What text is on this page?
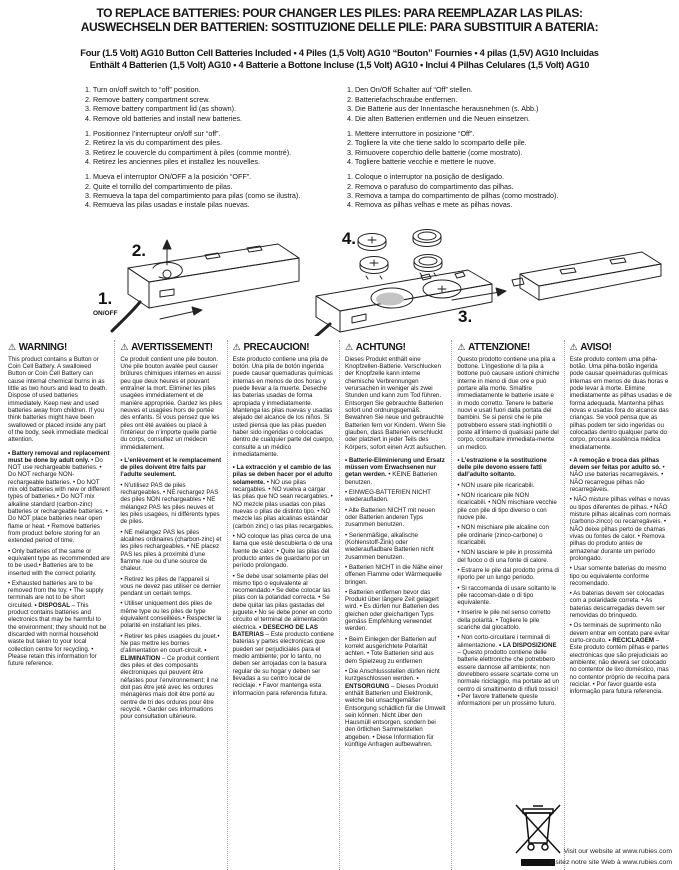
TO REPLACE BATTERIES: POUR CHANGER LES PILES: PARA REEMPLAZAR LAS PILAS:
AUSWECHSELN DER BATTERIEN: SOSTITUZIONE DELLE PILE: PARA SUBSTITUIR A BATERIA:
Four (1.5 Volt) AG10 Button Cell Batteries Included • 4 Piles (1,5 Volt) AG10 “Bouton” Fournies • 4 pilas (1,5V) AG10 Incluidas
Enthält 4 Batterien (1,5 Volt) AG10 • 4 Batterie a Bottone Incluse (1,5 Volt) AG10 • Inclui 4 Pilhas Celulares (1,5 Volt) AG10
1. Turn on/off switch to “off” position.
2. Remove battery compartment screw.
3. Remove battery compartment lid (as shown).
4. Remove old batteries and install new batteries.
1. Positionnez l’interrupteur on/off sur “off”.
2. Retirez la vis du compartiment des piles.
3. Retirez le couvercle du compartiment à piles (comme montré).
4. Retirez les anciennes piles et installez les nouvelles.
1. Mueva el interruptor ON/OFF a la posición “OFF”.
2. Quite el tornillo del compartimiento de pilas.
3. Remueva la tapa del compartimiento para pilas (como se ilustra).
4. Remueva las pilas usadas e instale pilas nuevas.
1. Den On/Off Schalter auf “Off” stellen.
2. Batteriefachschraube entfernen.
3. Die Batterie aus der Innentasche herausnehmen (s. Abb.)
4. Die alten Batterien entfernen und die Neuen einsetzen.
1. Mettere interruttore in posizione “Off”.
2. Togliere la vite che tiene saldo lo scomparto delle pile.
3. Rimuovere coperchio delle batterie (come mostrato).
4. Togliere batterie vecchie e mettere le nuove.
1. Coloque o interruptor na posição de desligado.
2. Remova o parafuso do compartimento das pilhas.
3. Remova a tampa do compartimento de pilhas (como mostrado).
4. Remova as pilhas velhas e mete as pilhas novas.
2.
1.
ON/OFF
4.
3.
⚠ WARNING!

This product contains a Button or Coin Cell Battery. A swallowed Button or Coin Cell Battery can cause internal chemical burns in as little as two hours and lead to death. Dispose of used batteries immediately. Keep new and used batteries away from children. If you think batteries might have been swallowed or placed inside any part of the body, seek immediate medical attention.

• Battery removal and replacement must be done by adult only. • Do NOT use rechargeable batteries. • Do NOT recharge NON-rechargeable batteries. • Do NOT mix old batteries with new or different types of batteries.• Do NOT mix alkaline standard (carbon-zinc) batteries or rechargeable batteries. • Do NOT place batteries near open flame or heat. • Remove batteries from product before storing for an extended period of time.

• Only batteries of the same or equivalent type as recommended are to be used.• Batteries are to be inserted with the correct polarity.

• Exhausted batteries are to be removed from the toy. • The supply terminals are not to be short circuited. • DISPOSAL – This product contains batteries and electronics that may be harmful to the environment; they should not be discarded with normal household waste but taken to your local collection centre for recycling. • Please retain this information for future reference.

⚠ AVERTISSEMENT!

Ce produit contient une pile bouton. Une pile bouton avalée peut causer brûlures chimiques internes en aussi peu que deux heures et pouvant entraîner la mort. Eliminer les piles usagées immédiatement et de manière appropriée. Gardez les piles neuves et usagées hors de portée des enfants. Si vous pensez que les piles ont été avalées ou placé à l’intérieur de n’importe quelle partie du corps, consultez un médecin immédiatement.

• L’enlèvement et le remplacement de piles doivent être faits par l’adulte seulement.

• N’utilisez PAS de piles rechargeables. • NE rechargez PAS des piles NON rechargeables • NE mélangez PAS les piles neuves et les piles usagées, ni différents types de piles.

• NE mélangez PAS les piles alcalines ordinaires (charbon-zinc) et les piles rechargeables. • NE placez PAS les piles à proximité d’une flamme nue ou d’une source de chaleur.

• Retirez les piles de l’appareil si vous ne devez pas utiliser ce dernier pendant un certain temps.

• Utiliser uniquement des piles de même type ou les piles de type équivalent conseillées.• Respecter la polarité en installant les piles.

• Retirer les piles usagées du jouet.• Ne pas mettre les bornes d’alimentation en court-circuit. • ELIMINATION – Ce produit contient des piles et des composants électroniques qui peuvent être néfastes pour l’environnement; il ne doit pas être jeté avec les ordures ménagères mais doit être porté au centre de tri des ordures pour être recyclé. • Garder ces informations pour consultation ultérieure.

⚠ PRECAUCIÓN!

Este producto contiene una pila de botón. Una pila de botón ingerida puede causar quemaduras químicas internas en menos de dos horas y puede llevar a la muerte. Deseche las baterías usadas de forma apropiada y inmediatamente. Mantenga las pilas nuevas y usadas alejado del alcance de los niños. Si usted piensa que las pilas pueden haber sido ingeridas o colocadas dentro de cualquier parte del cuerpo, consulte a un médico inmediatamente.

• La extracción y el cambio de las pilas se deben hacer por el adulto solamente. • NO use pilas recargables. • NO vuelva a cargar las pilas que NO sean recargables. • NO mezcle pilas usadas con pilas nuevas o pilas de distinto tipo. • NO mezcle las pilas alcalinas estándar (carbón zinc) o las pilas recargables.

• NO coloque las pilas cerca de una llama que esté descubierta o de una fuente de calor. • Quite las pilas del producto antes de guardarlo por un período prolongado.

• Se debe usar solamente pilas del mismo tipo o equivalente al recomendado.• Se debe colocar las pilas con la polaridad correcta. • Se debe quitar las pilas gastadas del juguete.• No se debe poner en corto circuito el terminal de alimentación eléctrica. • DESECHO DE LAS BATERIAS – Este producto contiene baterias y partes electronicas que pueden ser perjudiciales para el medio ambiente; por lo tanto, no deben ser arrojadas con la basura regular de su hogar y deben ser llevadas a su centro local de reciclaje. • Favor mantenga esta informacion para referencia futura.

⚠ ACHTUNG!

Dieses Produkt enthält eine Knopfzellen-Batterie. Verschlucken der Knopfzelle kann interne chemische Verbrennungen verursachen in weniger als zwei Stunden und kann zum Tod führen. Entsorgen Sie gebrauchte Batterien sofort und ordnungsgemäß. Bewahren Sie neue und gebrauchte Batterien fern vor Kindern. Wenn Sie glauben, dass Batterien verschluckt oder platziert in jeder Teils des Körpers, sofort einen Arzt aufsuchen.

• Batterie-Eliminierung und Ersatz müssen vom Erwachsenen nur getan werden. • KEINE Batterien benutzen.

• EINWEG-BATTERIEN NICHT wiederaufladen.

• Alte Batterien NICHT mit neuen oder Batterien anderen Typs zusammen benutzen.

• Serienmäßige, alkalische (Kohlenstoff-Zink) oder wiederaufladbare Batterien nicht zusammen benutzen.

• Batterien NICHT in die Nähe einer offenen Flamme oder Wärmequelle bringen.

• Batterien entfernen bevor das Produkt über längere Zeit gelagert wird. • Es dürfen nur Batterien des gleichen oder gleichartigen Typs gemäss Empfehlung verwendet werden.

• Beim Einlegen der Batterien auf korrekt ausgerichtete Polarität achten. • Tote Batterien sind aus dem Spielzeug zu entfernen

• Die Anschlussstellen dürfen nicht kurzgeschlossen werden. • ENTSORGUNG – Dieses Produkt enthält Batterien und Elektronik, welche bei unsachgemäßer Entsorgung schädlich für die Umwelt sein können. Nicht über den Hausmüll entsorgen, sondern bei den örtlichen Sammelstellen abgeben. • Diese Information für künftige Anfragen aufbewahren.

⚠ ATTENZIONE!

Questo prodotto contiene una pila a bottone. L’ingestione di la pila a bottone può causare ustioni chimiche interne in meno di due ore e può portare alla morte. Smaltire immediatamente le batterie usate e in modo corretto. Tenere le batterie nuovi e usati fuori dalla portata dei bambini. Se si pensi che le pile potrebbero essere stati inghiottiti o poste all’interno di qualsiasi parte del corpo, consultare immediata-mente un medico.

• L’estrazione e la sostituzione delle pile devono essere fatti dall’adulto soltanto.

• NON usare pile ricaricabili.

• NON ricaricare pile NON ricaricabili. • NON mischiare vecchie pile con pile di tipo diverso o con nuove pile.

• NON mischiare pile alcaline con pile ordinarie (zinco-carbone) o ricaricabili.

• NON lasciare le pile in prossimità del fuoco o di una fonte di calore.

• Estrarre le pile dal prodotto prima di riporlo per un lungo periodo.

• Si raccomanda di usare soltanto le pile raccoman-date o di tipo equivalente.

• Inserire le pile nel senso corretto della polarità. • Togliere le pile scariche dal giocattolo.

• Non corto-circuitare i terminali di alimentazione. • LA DISPOSIZIONE – Questo prodotto contiene delle batterie elettroniche che potrebbero essere dannose all’ambiente; non dovrebbero essere scartate come un normale riciclaggio, ma portate ad un centro di smaltimento di rifiuti tossici! • Per favore trattenete queste informazioni per un prossimo futuro.

⚠ AVISO!

Este produto contem uma pilha-botão. Uma pilha-botão ingerida pode causar queimaduras químicas internas em menos de duas horas e pode levar à morte. Elimine imediatamente as pilhas usadas e de forma adequada. Mantenha pilhas novas e usadas fora do alcance das crianças. Se você pensa que as pilhas podem ter sido ingeridas ou colocadas dentro qualquer parte do corpo, procura assitência médica imediatamente.

• A remoção e troca das pilhas devem ser feitas por adulto só. • NÃO use baterias recarregáveis. • NÃO recarregue pilhas não recarregáveis.

• NÃO misture pilhas velhas e novas ou tipos diferentes de pilhas. • NÃO misture pilhas alcalinas com normais (carbono-zinco) ou recarregáveis. • NÃO deixe pilhas perto de chamas vivas ou fontes de calor. • Remova pilhas do produto antes de armazenar durante um período prolongado.

• Usar somente baterias do mesmo tipo ou equivalente conforme recomendado.

• As baterias devem ser colocadas com a polaridade correta. • As baterias descarregadas devem ser removidas do brinquedo.

• Os terminais de suprimento não devem entrar em contato pare evitar curto-circuito. • RECICLAGEM – Este produto contém pilhas e partes electrónicas que são prejudiciais ao ambiente; não deverá ser colocado no contentor de lixo doméstico, mas no contentor próprio de recolha para reciclar. • Por favor guarde esta informação para futura referencia.

Visit our website at www.rubies.com
Visitez notre site Web à www.rubies.com
